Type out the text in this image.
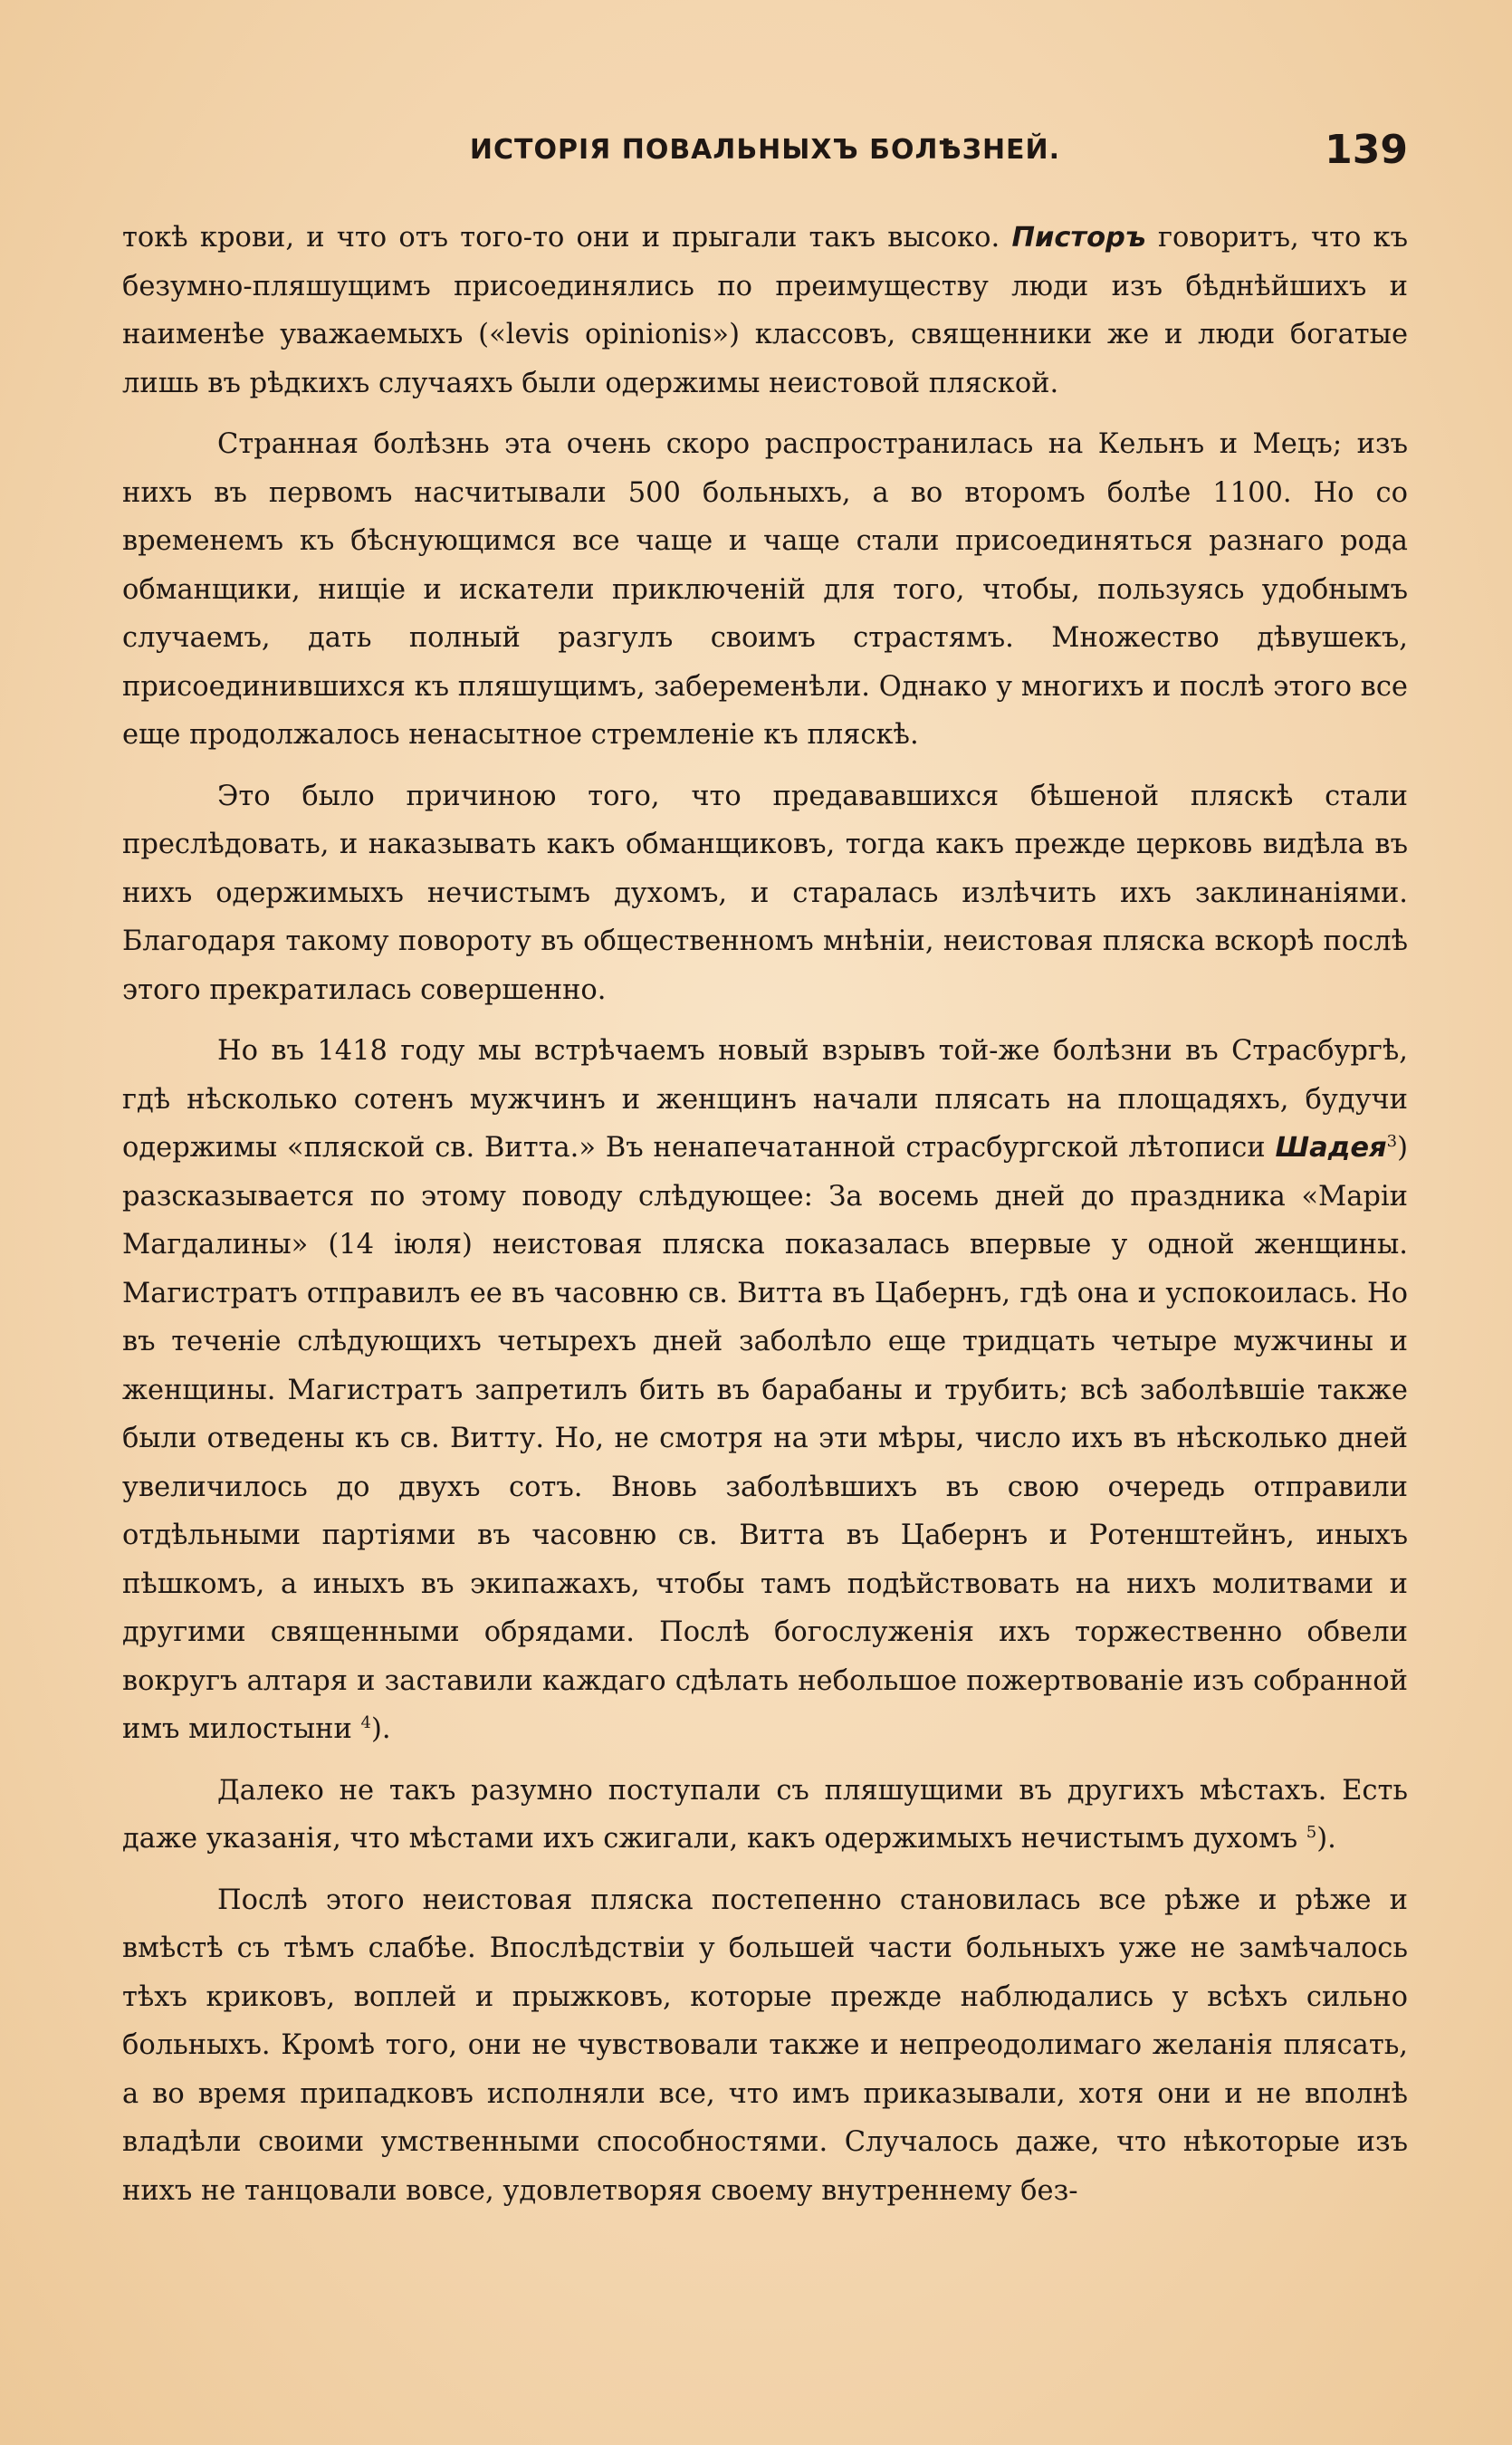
ИСТОРІЯ ПОВАЛЬНЫХЪ БОЛѢЗНЕЙ.	139

токѣ крови, и что отъ того-то они и прыгали такъ высоко. Писторъ говоритъ, что къ безумно-пляшущимъ присоединялись по преимуществу люди изъ бѣднѣйшихъ и наименѣе уважаемыхъ («levis opinionis») классовъ, священники же и люди богатые лишь въ рѣдкихъ случаяхъ были одержимы неистовой пляской.

Странная болѣзнь эта очень скоро распространилась на Кельнъ и Мецъ; изъ нихъ въ первомъ насчитывали 500 больныхъ, а во второмъ болѣе 1100. Но со временемъ къ бѣснующимся все чаще и чаще стали присоединяться разнаго рода обманщики, нищіе и искатели приключеній для того, чтобы, пользуясь удобнымъ случаемъ, дать полный разгулъ своимъ страстямъ. Множество дѣвушекъ, присоединившихся къ пляшущимъ, забеременѣли. Однако у многихъ и послѣ этого все еще продолжалось ненасытное стремленіе къ пляскѣ.

Это было причиною того, что предававшихся бѣшеной пляскѣ стали преслѣдовать, и наказывать какъ обманщиковъ, тогда какъ прежде церковь видѣла въ нихъ одержимыхъ нечистымъ духомъ, и старалась излѣчить ихъ заклинаніями. Благодаря такому повороту въ общественномъ мнѣніи, неистовая пляска вскорѣ послѣ этого прекратилась совершенно.

Но въ 1418 году мы встрѣчаемъ новый взрывъ той-же болѣзни въ Страсбургѣ, гдѣ нѣсколько сотенъ мужчинъ и женщинъ начали плясать на площадяхъ, будучи одержимы «пляской св. Витта.» Въ ненапечатанной страсбургской лѣтописи Шадея$^3$) разсказывается по этому поводу слѣдующее: За восемь дней до праздника «Маріи Магдалины» (14 іюля) неистовая пляска показалась впервые у одной женщины. Магистратъ отправилъ ее въ часовню св. Витта въ Цабернъ, гдѣ она и успокоилась. Но въ теченіе слѣдующихъ четырехъ дней заболѣло еще тридцать четыре мужчины и женщины. Магистратъ запретилъ бить въ барабаны и трубить; всѣ заболѣвшіе также были отведены къ св. Витту. Но, не смотря на эти мѣры, число ихъ въ нѣсколько дней увеличилось до двухъ сотъ. Вновь заболѣвшихъ въ свою очередь отправили отдѣльными партіями въ часовню св. Витта въ Цабернъ и Ротенштейнъ, иныхъ пѣшкомъ, а иныхъ въ экипажахъ, чтобы тамъ подѣйствовать на нихъ молитвами и другими священными обрядами. Послѣ богослуженія ихъ торжественно обвели вокругъ алтаря и заставили каждаго сдѣлать небольшое пожертвованіе изъ собранной имъ милостыни $^4$).

Далеко не такъ разумно поступали съ пляшущими въ другихъ мѣстахъ. Есть даже указанія, что мѣстами ихъ сжигали, какъ одержимыхъ нечистымъ духомъ $^5$).

Послѣ этого неистовая пляска постепенно становилась все рѣже и рѣже и вмѣстѣ съ тѣмъ слабѣе. Впослѣдствіи у большей части больныхъ уже не замѣчалось тѣхъ криковъ, воплей и прыжковъ, которые прежде наблюдались у всѣхъ сильно больныхъ. Кромѣ того, они не чувствовали также и непреодолимаго желанія плясать, а во время припадковъ исполняли все, что имъ приказывали, хотя они и не вполнѣ владѣли своими умственными способностями. Случалось даже, что нѣкоторые изъ нихъ не танцовали вовсе, удовлетворяя своему внутреннему без-
